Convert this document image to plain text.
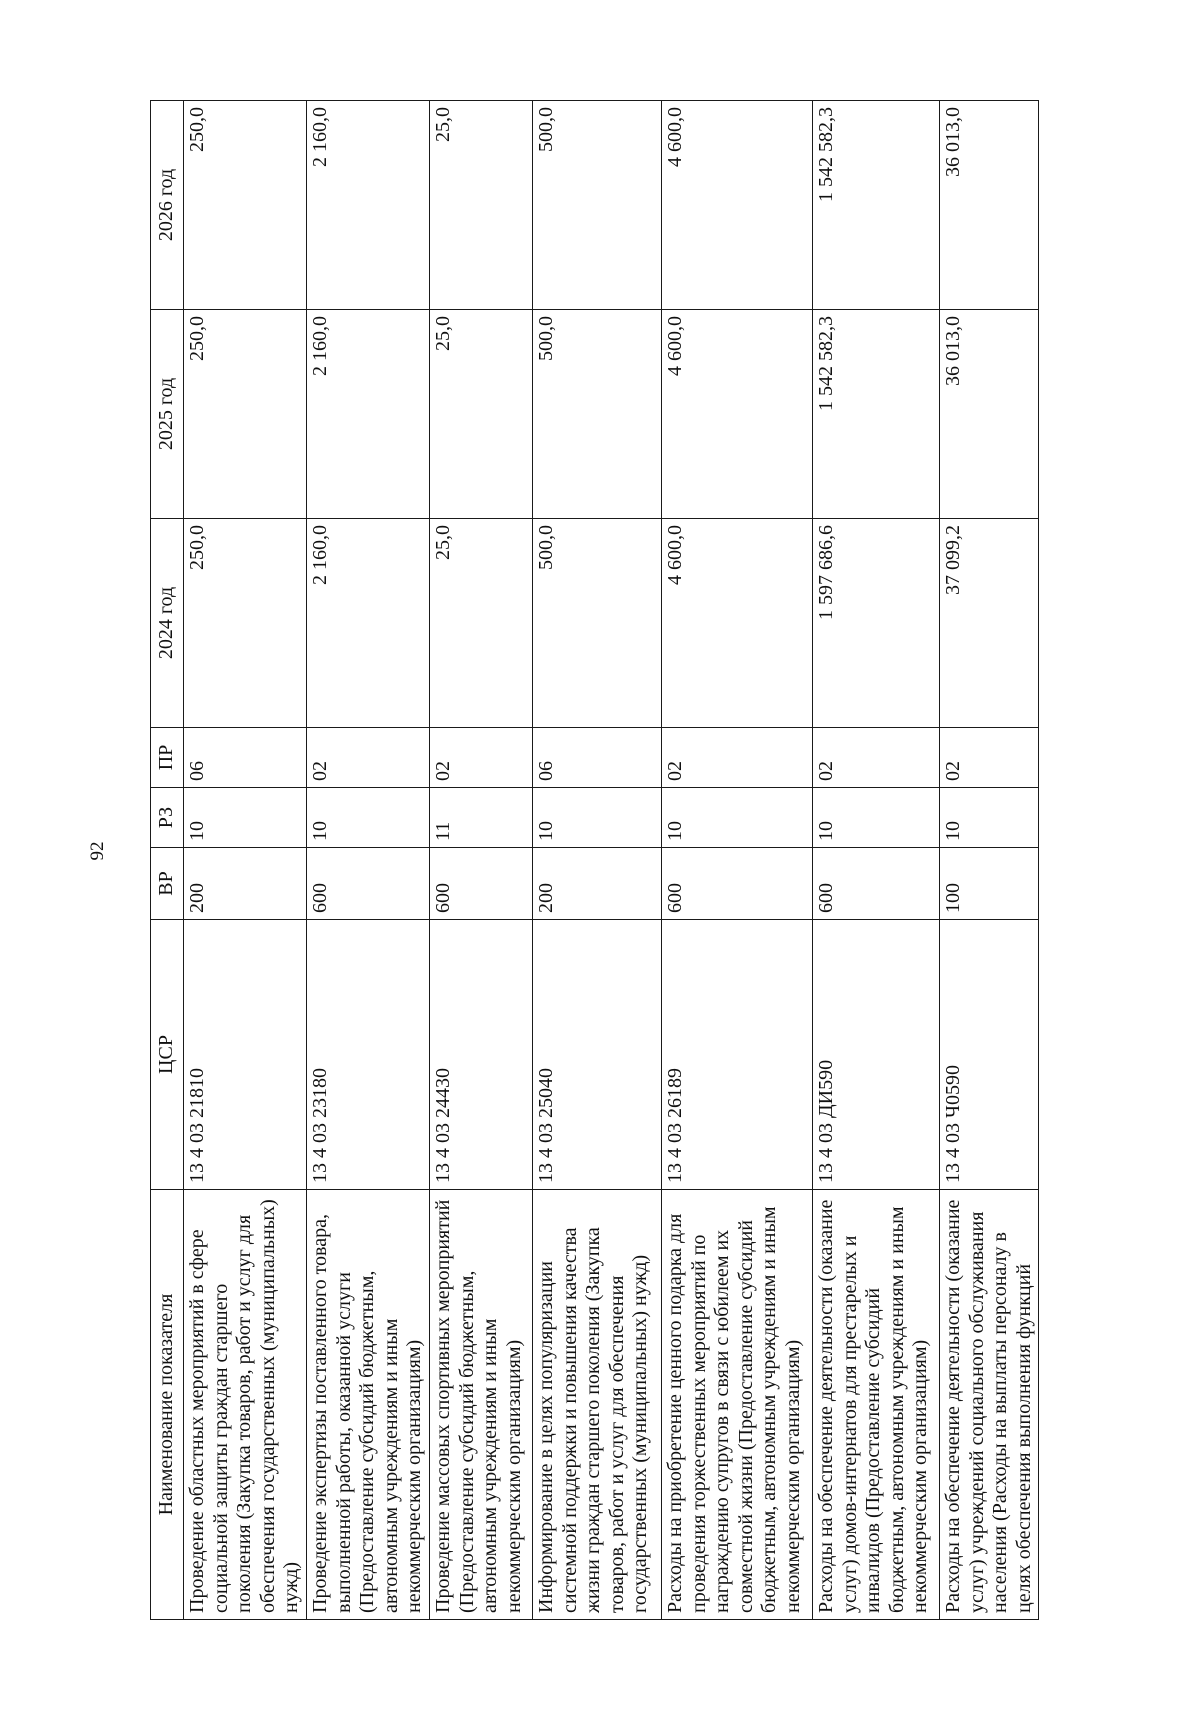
92
Наименование показателя	ЦСР	ВР	РЗ	ПР	2024 год	2025 год	2026 год
Проведение областных мероприятий в сфере социальной защиты граждан старшего поколения (Закупка товаров, работ и услуг для обеспечения государственных (муниципальных) нужд)	13 4 03 21810	200	10	06	250,0	250,0	250,0
Проведение экспертизы поставленного товара, выполненной работы, оказанной услуги (Предоставление субсидий бюджетным, автономным учреждениям и иным некоммерческим организациям)	13 4 03 23180	600	10	02	2 160,0	2 160,0	2 160,0
Проведение массовых спортивных мероприятий (Предоставление субсидий бюджетным, автономным учреждениям и иным некоммерческим организациям)	13 4 03 24430	600	11	02	25,0	25,0	25,0
Информирование в целях популяризации системной поддержки и повышения качества жизни граждан старшего поколения (Закупка товаров, работ и услуг для обеспечения государственных (муниципальных) нужд)	13 4 03 25040	200	10	06	500,0	500,0	500,0
Расходы на приобретение ценного подарка для проведения торжественных мероприятий по награждению супругов в связи с юбилеем их совместной жизни (Предоставление субсидий бюджетным, автономным учреждениям и иным некоммерческим организациям)	13 4 03 26189	600	10	02	4 600,0	4 600,0	4 600,0
Расходы на обеспечение деятельности (оказание услуг) домов-интернатов для престарелых и инвалидов (Предоставление субсидий бюджетным, автономным учреждениям и иным некоммерческим организациям)	13 4 03 ДИ590	600	10	02	1 597 686,6	1 542 582,3	1 542 582,3
Расходы на обеспечение деятельности (оказание услуг) учреждений социального обслуживания населения (Расходы на выплаты персоналу в целях обеспечения выполнения функций	13 4 03 Ч0590	100	10	02	37 099,2	36 013,0	36 013,0
